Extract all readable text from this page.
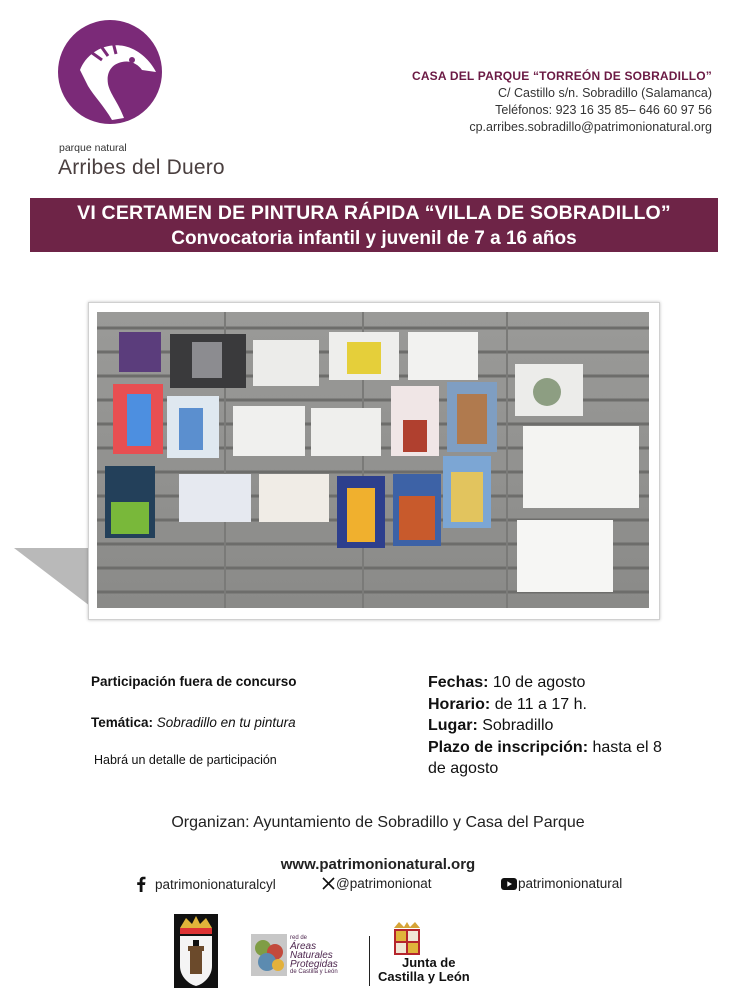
parque natural
Arribes del Duero
CASA DEL PARQUE “TORREÓN DE SOBRADILLO”
C/ Castillo s/n. Sobradillo (Salamanca)
Teléfonos: 923 16 35 85– 646 60 97 56
cp.arribes.sobradillo@patrimonionatural.org
VI CERTAMEN DE PINTURA RÁPIDA “VILLA DE SOBRADILLO”
Convocatoria infantil y juvenil de 7 a 16 años
Participación fuera de concurso
Temática: Sobradillo en tu pintura
Habrá un detalle de participación
Fechas: 10 de agosto
Horario: de 11 a 17 h.
Lugar: Sobradillo
Plazo de inscripción: hasta el 8 de agosto
Organizan: Ayuntamiento de Sobradillo y Casa del Parque
www.patrimonionatural.org
patrimonionaturalcyl	@patrimonionat	patrimonionatural
red de
Áreas
Naturales
Protegidas
de Castilla y León
Junta de
Castilla y León
